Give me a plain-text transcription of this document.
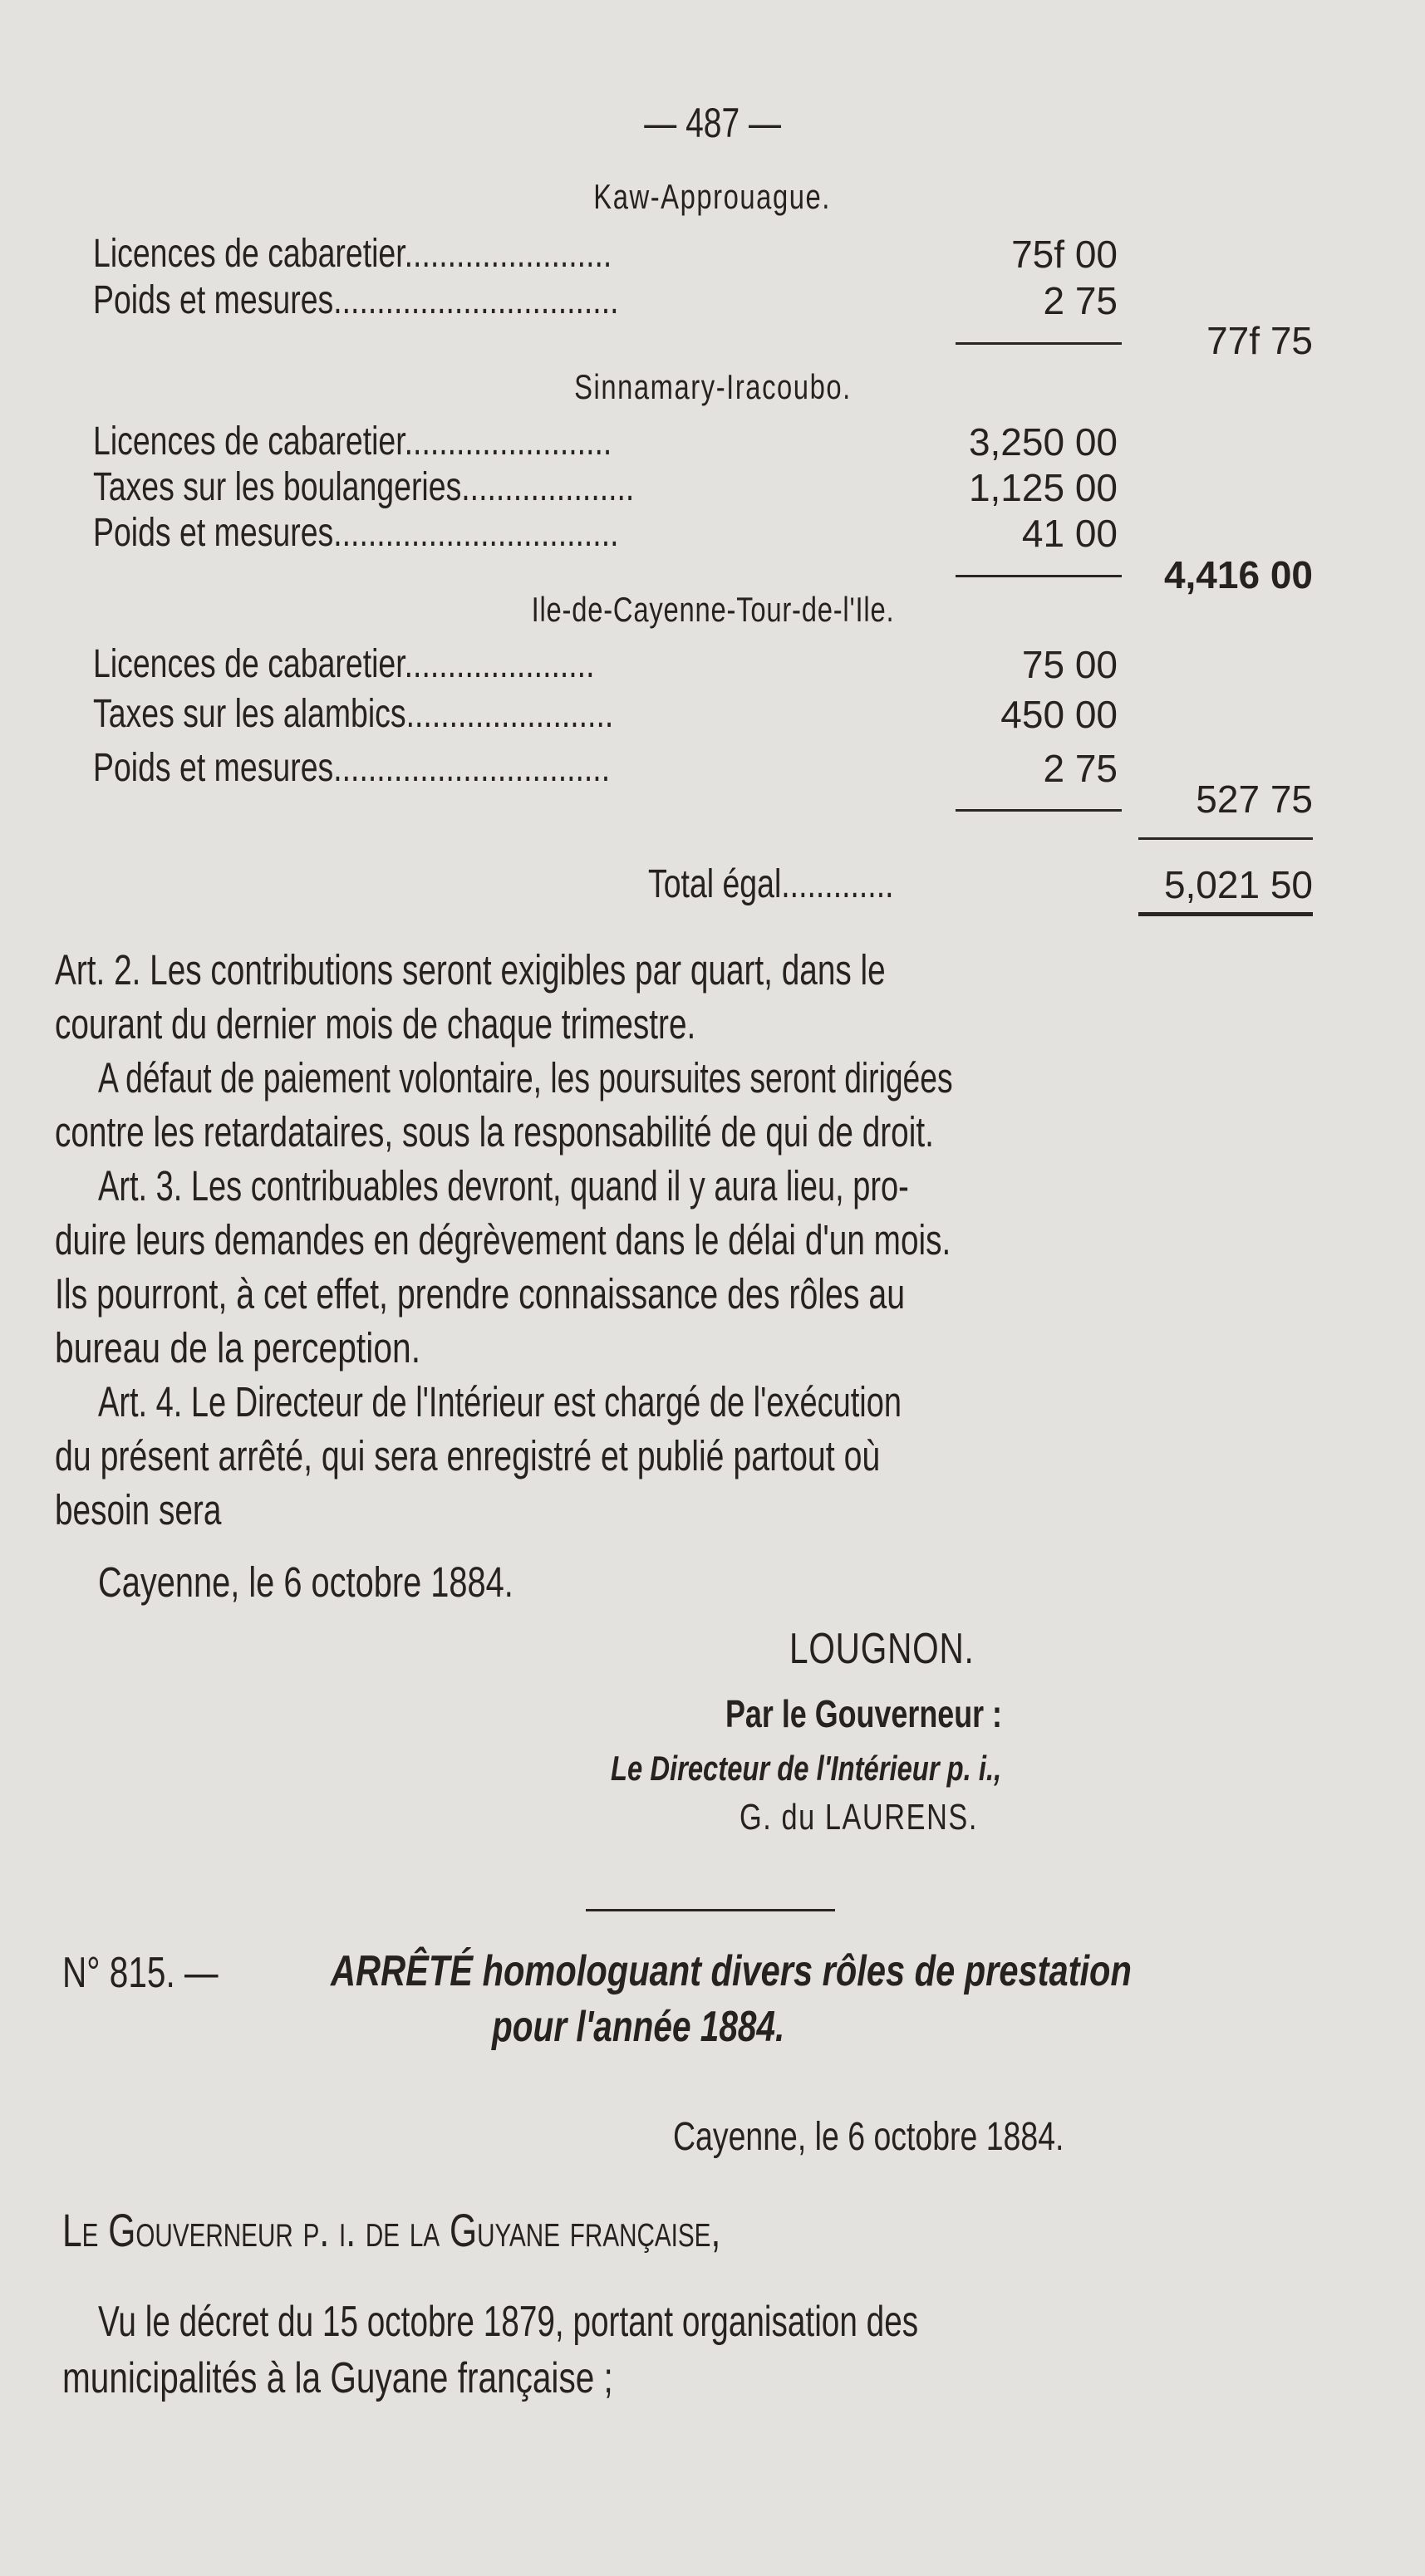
— 487 —
Kaw-Approuague.
Licences de cabaretier........................	75f 00
Poids et mesures.................................	2 75
77f 75
Sinnamary-Iracoubo.
Licences de cabaretier........................	3,250 00
Taxes sur les boulangeries....................	1,125 00
Poids et mesures.................................	41 00
4,416 00
Ile-de-Cayenne-Tour-de-l'Ile.
Licences de cabaretier......................	75 00
Taxes sur les alambics........................	450 00
Poids et mesures................................	2 75
527 75
Total égal.............	5,021 50
Art. 2. Les contributions seront exigibles par quart, dans le
courant du dernier mois de chaque trimestre.
A défaut de paiement volontaire, les poursuites seront dirigées
contre les retardataires, sous la responsabilité de qui de droit.
Art. 3. Les contribuables devront, quand il y aura lieu, pro-
duire leurs demandes en dégrèvement dans le délai d'un mois.
Ils pourront, à cet effet, prendre connaissance des rôles au
bureau de la perception.
Art. 4. Le Directeur de l'Intérieur est chargé de l'exécution
du présent arrêté, qui sera enregistré et publié partout où
besoin sera
Cayenne, le 6 octobre 1884.
LOUGNON.
Par le Gouverneur :
Le Directeur de l'Intérieur p. i.,
G. du LAURENS.
N° 815. —	ARRÊTÉ homologuant divers rôles de prestation
pour l'année 1884.
Cayenne, le 6 octobre 1884.
Le Gouverneur p. i. de la Guyane française,
Vu le décret du 15 octobre 1879, portant organisation des
municipalités à la Guyane française ;
